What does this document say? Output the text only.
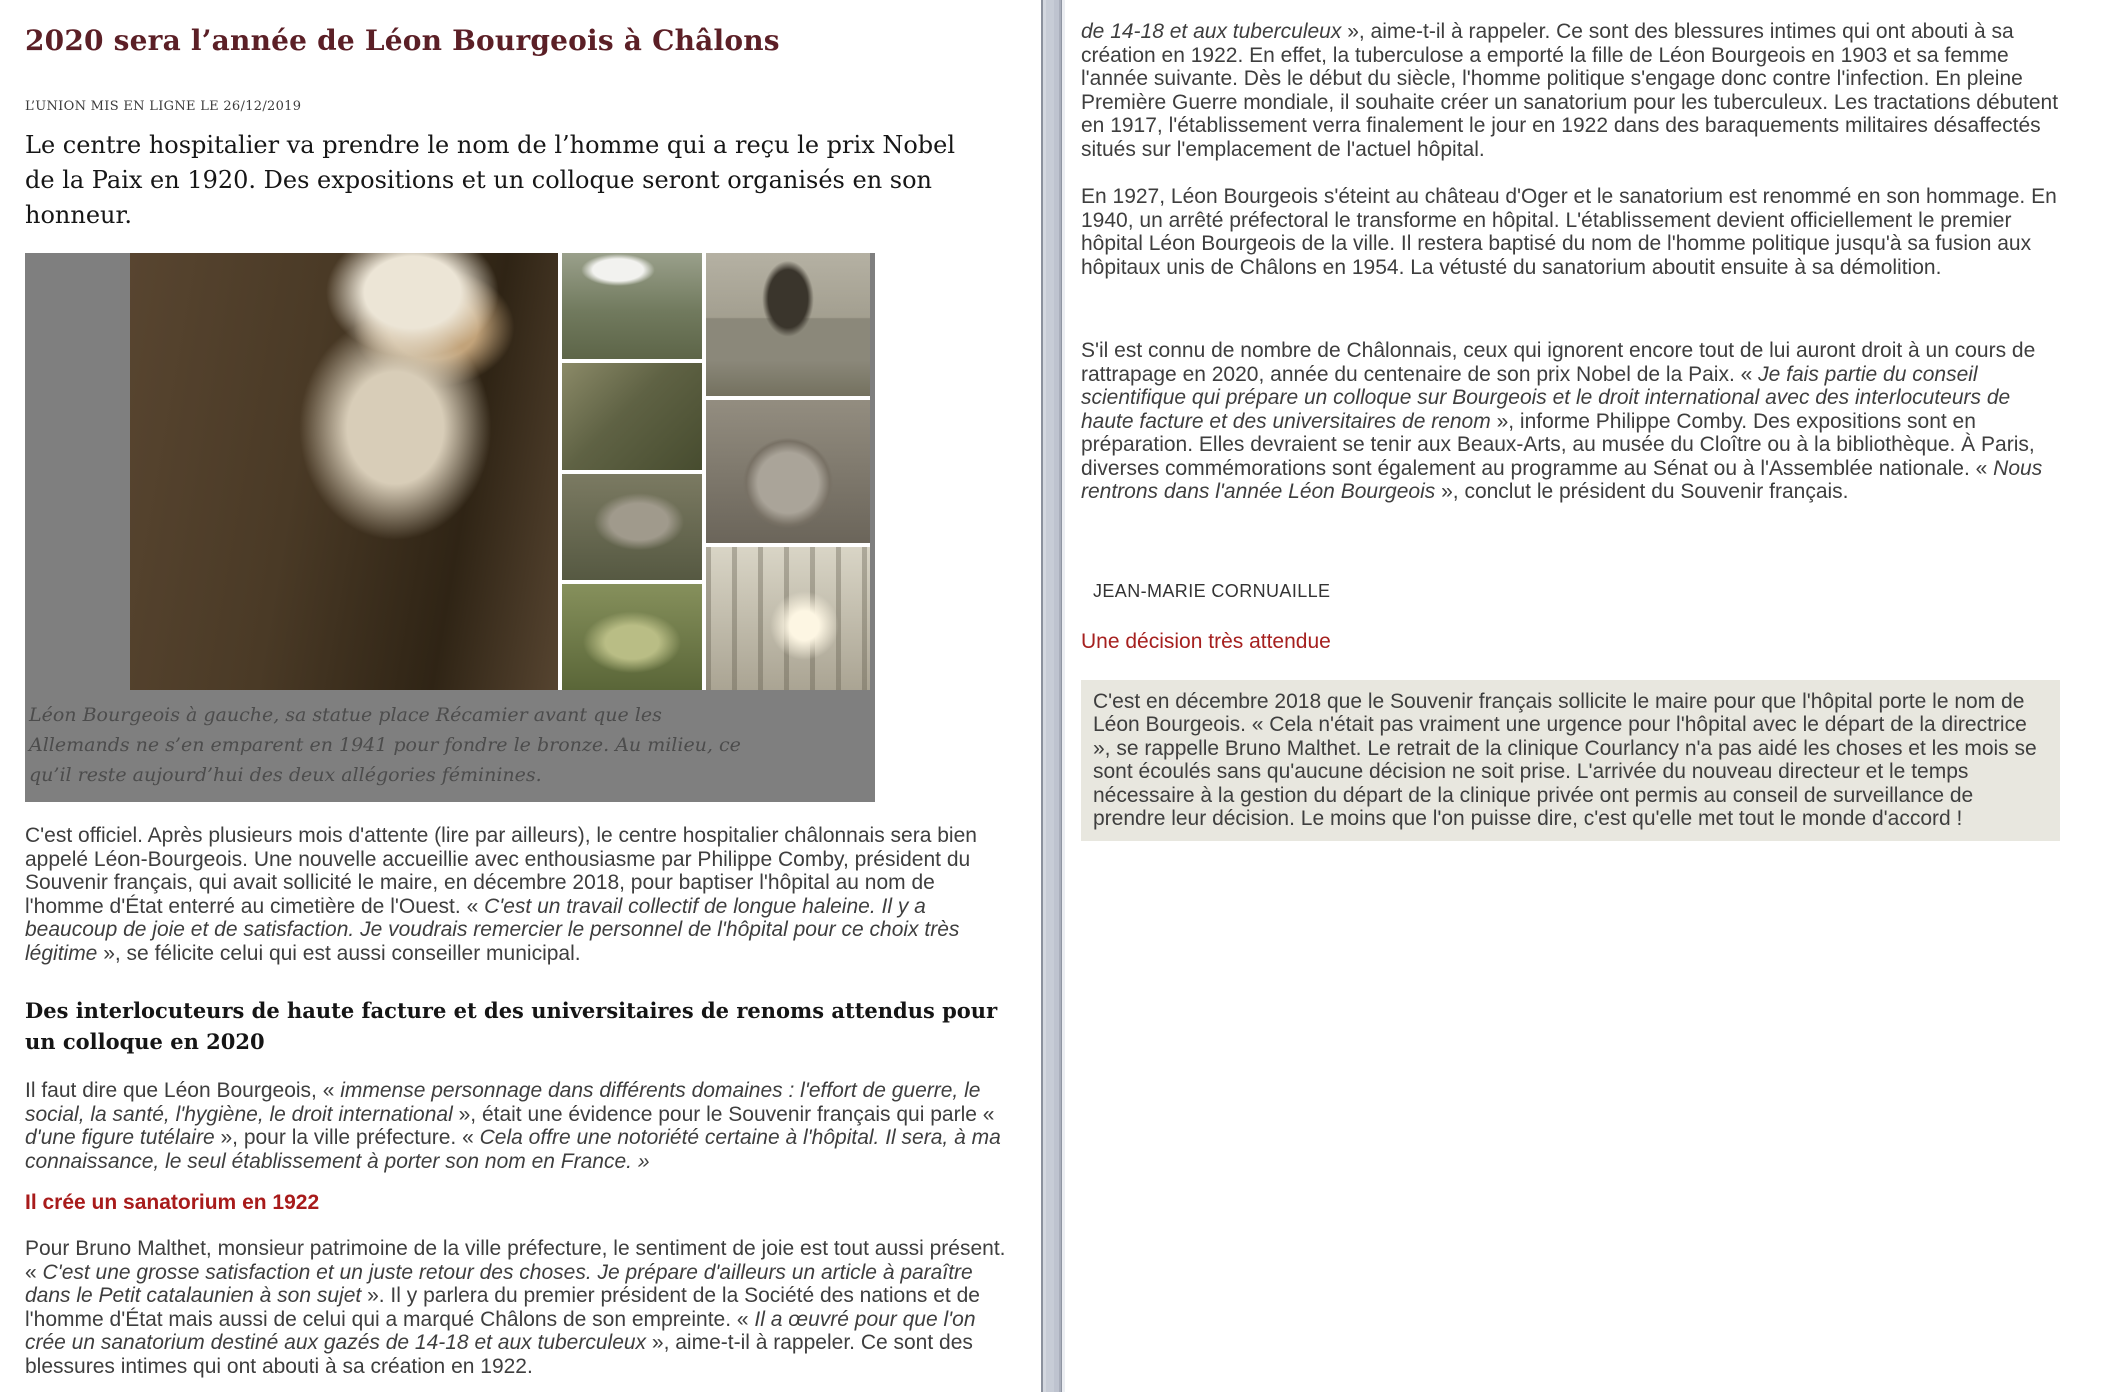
2020 sera l’année de Léon Bourgeois à Châlons
L’UNION MIS EN LIGNE LE 26/12/2019

Le centre hospitalier va prendre le nom de l’homme qui a reçu le prix Nobel de la Paix en 1920. Des expositions et un colloque seront organisés en son honneur.

Léon Bourgeois à gauche, sa statue place Récamier avant que les Allemands ne s’en emparent en 1941 pour fondre le bronze. Au milieu, ce qu’il reste aujourd’hui des deux allégories féminines.

C'est officiel. Après plusieurs mois d'attente (lire par ailleurs), le centre hospitalier châlonnais sera bien appelé Léon-Bourgeois. Une nouvelle accueillie avec enthousiasme par Philippe Comby, président du Souvenir français, qui avait sollicité le maire, en décembre 2018, pour baptiser l'hôpital au nom de l'homme d'État enterré au cimetière de l'Ouest. « C'est un travail collectif de longue haleine. Il y a beaucoup de joie et de satisfaction. Je voudrais remercier le personnel de l'hôpital pour ce choix très légitime », se félicite celui qui est aussi conseiller municipal.

Des interlocuteurs de haute facture et des universitaires de renoms attendus pour un colloque en 2020

Il faut dire que Léon Bourgeois, « immense personnage dans différents domaines : l'effort de guerre, le social, la santé, l'hygiène, le droit international », était une évidence pour le Souvenir français qui parle « d'une figure tutélaire », pour la ville préfecture. « Cela offre une notoriété certaine à l'hôpital. Il sera, à ma connaissance, le seul établissement à porter son nom en France. »

Il crée un sanatorium en 1922

Pour Bruno Malthet, monsieur patrimoine de la ville préfecture, le sentiment de joie est tout aussi présent. « C'est une grosse satisfaction et un juste retour des choses. Je prépare d'ailleurs un article à paraître dans le Petit catalaunien à son sujet ». Il y parlera du premier président de la Société des nations et de l'homme d'État mais aussi de celui qui a marqué Châlons de son empreinte. « Il a œuvré pour que l'on crée un sanatorium destiné aux gazés de 14-18 et aux tuberculeux », aime-t-il à rappeler. Ce sont des blessures intimes qui ont abouti à sa création en 1922.

de 14-18 et aux tuberculeux », aime-t-il à rappeler. Ce sont des blessures intimes qui ont abouti à sa création en 1922. En effet, la tuberculose a emporté la fille de Léon Bourgeois en 1903 et sa femme l'année suivante. Dès le début du siècle, l'homme politique s'engage donc contre l'infection. En pleine Première Guerre mondiale, il souhaite créer un sanatorium pour les tuberculeux. Les tractations débutent en 1917, l'établissement verra finalement le jour en 1922 dans des baraquements militaires désaffectés situés sur l'emplacement de l'actuel hôpital.

En 1927, Léon Bourgeois s'éteint au château d'Oger et le sanatorium est renommé en son hommage. En 1940, un arrêté préfectoral le transforme en hôpital. L'établissement devient officiellement le premier hôpital Léon Bourgeois de la ville. Il restera baptisé du nom de l'homme politique jusqu'à sa fusion aux hôpitaux unis de Châlons en 1954. La vétusté du sanatorium aboutit ensuite à sa démolition.

S'il est connu de nombre de Châlonnais, ceux qui ignorent encore tout de lui auront droit à un cours de rattrapage en 2020, année du centenaire de son prix Nobel de la Paix. « Je fais partie du conseil scientifique qui prépare un colloque sur Bourgeois et le droit international avec des interlocuteurs de haute facture et des universitaires de renom », informe Philippe Comby. Des expositions sont en préparation. Elles devraient se tenir aux Beaux-Arts, au musée du Cloître ou à la bibliothèque. À Paris, diverses commémorations sont également au programme au Sénat ou à l'Assemblée nationale. « Nous rentrons dans l'année Léon Bourgeois », conclut le président du Souvenir français.

JEAN-MARIE CORNUAILLE
Une décision très attendue

C'est en décembre 2018 que le Souvenir français sollicite le maire pour que l'hôpital porte le nom de Léon Bourgeois. « Cela n'était pas vraiment une urgence pour l'hôpital avec le départ de la directrice », se rappelle Bruno Malthet. Le retrait de la clinique Courlancy n'a pas aidé les choses et les mois se sont écoulés sans qu'aucune décision ne soit prise. L'arrivée du nouveau directeur et le temps nécessaire à la gestion du départ de la clinique privée ont permis au conseil de surveillance de prendre leur décision. Le moins que l'on puisse dire, c'est qu'elle met tout le monde d'accord !
